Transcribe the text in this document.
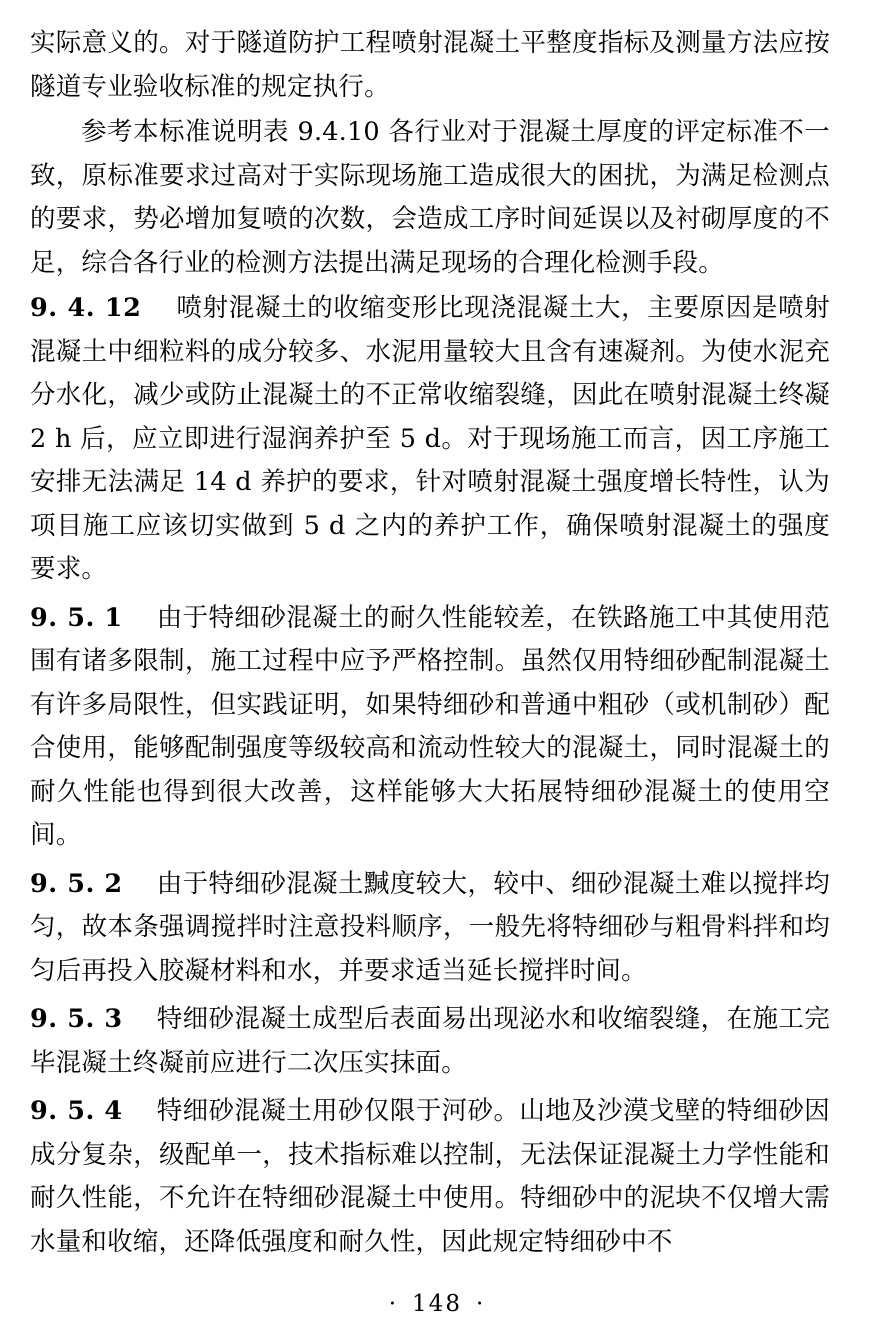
实际意义的。对于隧道防护工程喷射混凝土平整度指标及测量方法应按隧道专业验收标准的规定执行。

参考本标准说明表 9.4.10 各行业对于混凝土厚度的评定标准不一致，原标准要求过高对于实际现场施工造成很大的困扰，为满足检测点的要求，势必增加复喷的次数，会造成工序时间延误以及衬砌厚度的不足，综合各行业的检测方法提出满足现场的合理化检测手段。

9. 4. 12 喷射混凝土的收缩变形比现浇混凝土大，主要原因是喷射混凝土中细粒料的成分较多、水泥用量较大且含有速凝剂。为使水泥充分水化，减少或防止混凝土的不正常收缩裂缝，因此在喷射混凝土终凝 2 h 后，应立即进行湿润养护至 5 d。对于现场施工而言，因工序施工安排无法满足 14 d 养护的要求，针对喷射混凝土强度增长特性，认为项目施工应该切实做到 5 d 之内的养护工作，确保喷射混凝土的强度要求。

9. 5. 1 由于特细砂混凝土的耐久性能较差，在铁路施工中其使用范围有诸多限制，施工过程中应予严格控制。虽然仅用特细砂配制混凝土有许多局限性，但实践证明，如果特细砂和普通中粗砂（或机制砂）配合使用，能够配制强度等级较高和流动性较大的混凝土，同时混凝土的耐久性能也得到很大改善，这样能够大大拓展特细砂混凝土的使用空间。

9. 5. 2 由于特细砂混凝土黬度较大，较中、细砂混凝土难以搅拌均匀，故本条强调搅拌时注意投料顺序，一般先将特细砂与粗骨料拌和均匀后再投入胶凝材料和水，并要求适当延长搅拌时间。

9. 5. 3 特细砂混凝土成型后表面易出现泌水和收缩裂缝，在施工完毕混凝土终凝前应进行二次压实抹面。

9. 5. 4 特细砂混凝土用砂仅限于河砂。山地及沙漠戈壁的特细砂因成分复杂，级配单一，技术指标难以控制，无法保证混凝土力学性能和耐久性能，不允许在特细砂混凝土中使用。特细砂中的泥块不仅增大需水量和收缩，还降低强度和耐久性，因此规定特细砂中不

· 148 ·
